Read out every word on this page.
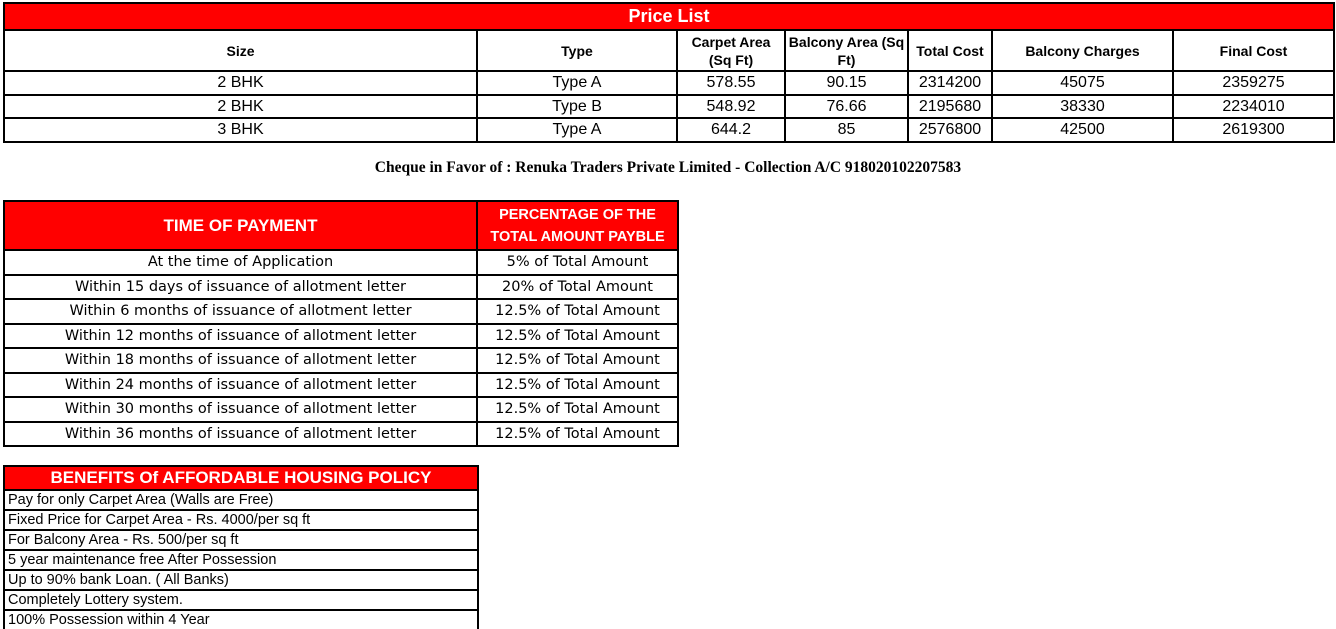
Price List						
Size	Type	Carpet Area (Sq Ft)	Balcony Area (Sq Ft)	Total Cost	Balcony Charges	Final Cost
2 BHK	Type A	578.55	90.15	2314200	45075	2359275
2 BHK	Type B	548.92	76.66	2195680	38330	2234010
3 BHK	Type A	644.2	85	2576800	42500	2619300
Cheque in Favor of : Renuka Traders Private Limited - Collection A/C 918020102207583
TIME OF PAYMENT	PERCENTAGE OF THE TOTAL AMOUNT PAYBLE
At the time of Application	5% of Total Amount
Within 15 days of issuance of allotment letter	20% of Total Amount
Within 6 months of issuance of allotment letter	12.5% of Total Amount
Within 12 months of issuance of allotment letter	12.5% of Total Amount
Within 18 months of issuance of allotment letter	12.5% of Total Amount
Within 24 months of issuance of allotment letter	12.5% of Total Amount
Within 30 months of issuance of allotment letter	12.5% of Total Amount
Within 36 months of issuance of allotment letter	12.5% of Total Amount
BENEFITS Of AFFORDABLE HOUSING POLICY
Pay for only Carpet Area (Walls are Free)
Fixed Price for Carpet Area - Rs. 4000/per sq ft
For Balcony Area - Rs. 500/per sq ft
5 year maintenance free After Possession
Up to 90% bank Loan. ( All Banks)
Completely Lottery system.
100% Possession within 4 Year
